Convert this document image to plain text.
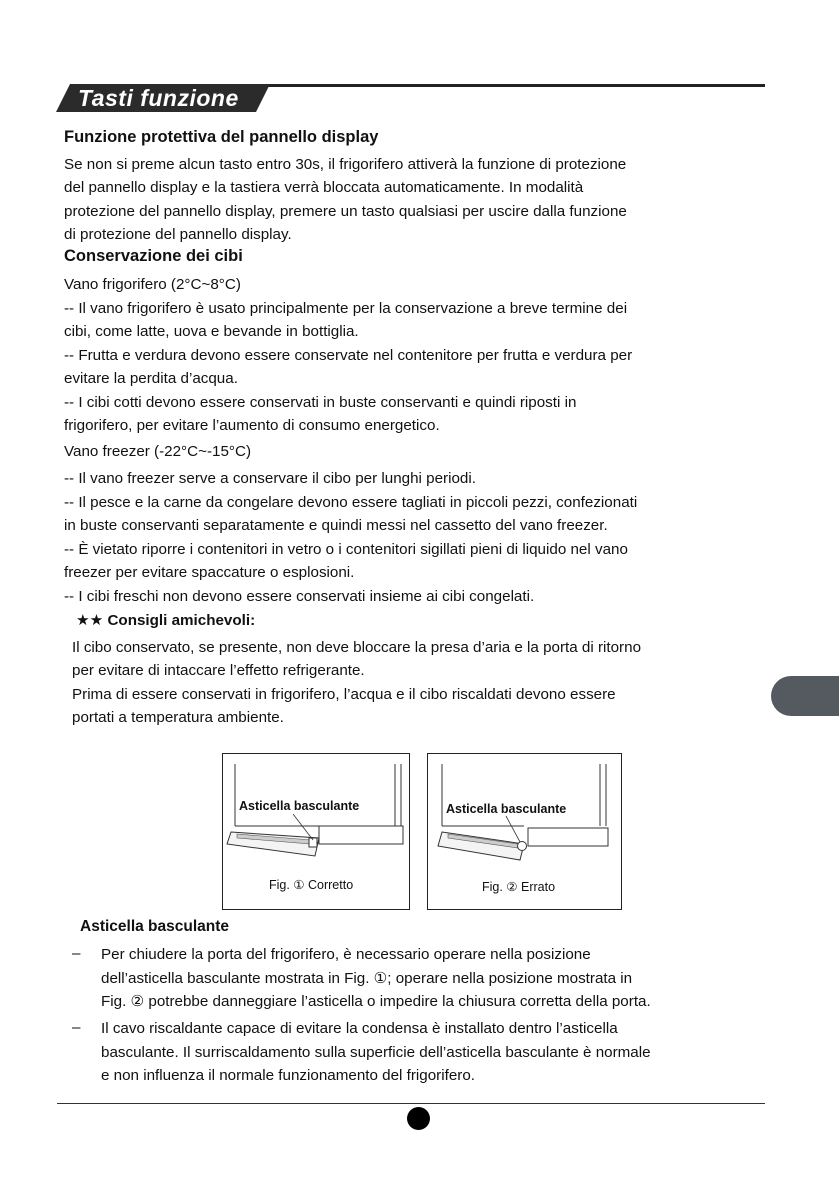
Tasti funzione
Funzione protettiva del pannello display
Se non si preme alcun tasto entro 30s, il frigorifero attiverà la funzione di protezione
del pannello display e la tastiera verrà bloccata automaticamente. In modalità
protezione del pannello display, premere un tasto qualsiasi per uscire dalla funzione
di protezione del pannello display.
Conservazione dei cibi
Vano frigorifero (2°C~8°C)
-- Il vano frigorifero è usato principalmente per la conservazione a breve termine dei
cibi, come latte, uova e bevande in bottiglia.
-- Frutta e verdura devono essere conservate nel contenitore per frutta e verdura per
evitare la perdita d’acqua.
-- I cibi cotti devono essere conservati in buste conservanti e quindi riposti in
frigorifero, per evitare l’aumento di consumo energetico.
Vano freezer (-22°C~-15°C)
-- Il vano freezer serve a conservare il cibo per lunghi periodi.
-- Il pesce e la carne da congelare devono essere tagliati in piccoli pezzi, confezionati
in buste conservanti separatamente e quindi messi nel cassetto del vano freezer.
-- È vietato riporre i contenitori in vetro o i contenitori sigillati pieni di liquido nel vano
freezer per evitare spaccature o esplosioni.
-- I cibi freschi non devono essere conservati insieme ai cibi congelati.
★★ Consigli amichevoli:
Il cibo conservato, se presente, non deve bloccare la presa d’aria e la porta di ritorno
per evitare di intaccare l’effetto refrigerante.
Prima di essere conservati in frigorifero, l’acqua e il cibo riscaldati devono essere
portati a temperatura ambiente.
Asticella basculante
Fig. ① Corretto
Asticella basculante
Fig. ② Errato
Asticella basculante
– Per chiudere la porta del frigorifero, è necessario operare nella posizione
dell’asticella basculante mostrata in Fig. ①; operare nella posizione mostrata in
Fig. ② potrebbe danneggiare l’asticella o impedire la chiusura corretta della porta.
– Il cavo riscaldante capace di evitare la condensa è installato dentro l’asticella
basculante. Il surriscaldamento sulla superficie dell’asticella basculante è normale
e non influenza il normale funzionamento del frigorifero.
